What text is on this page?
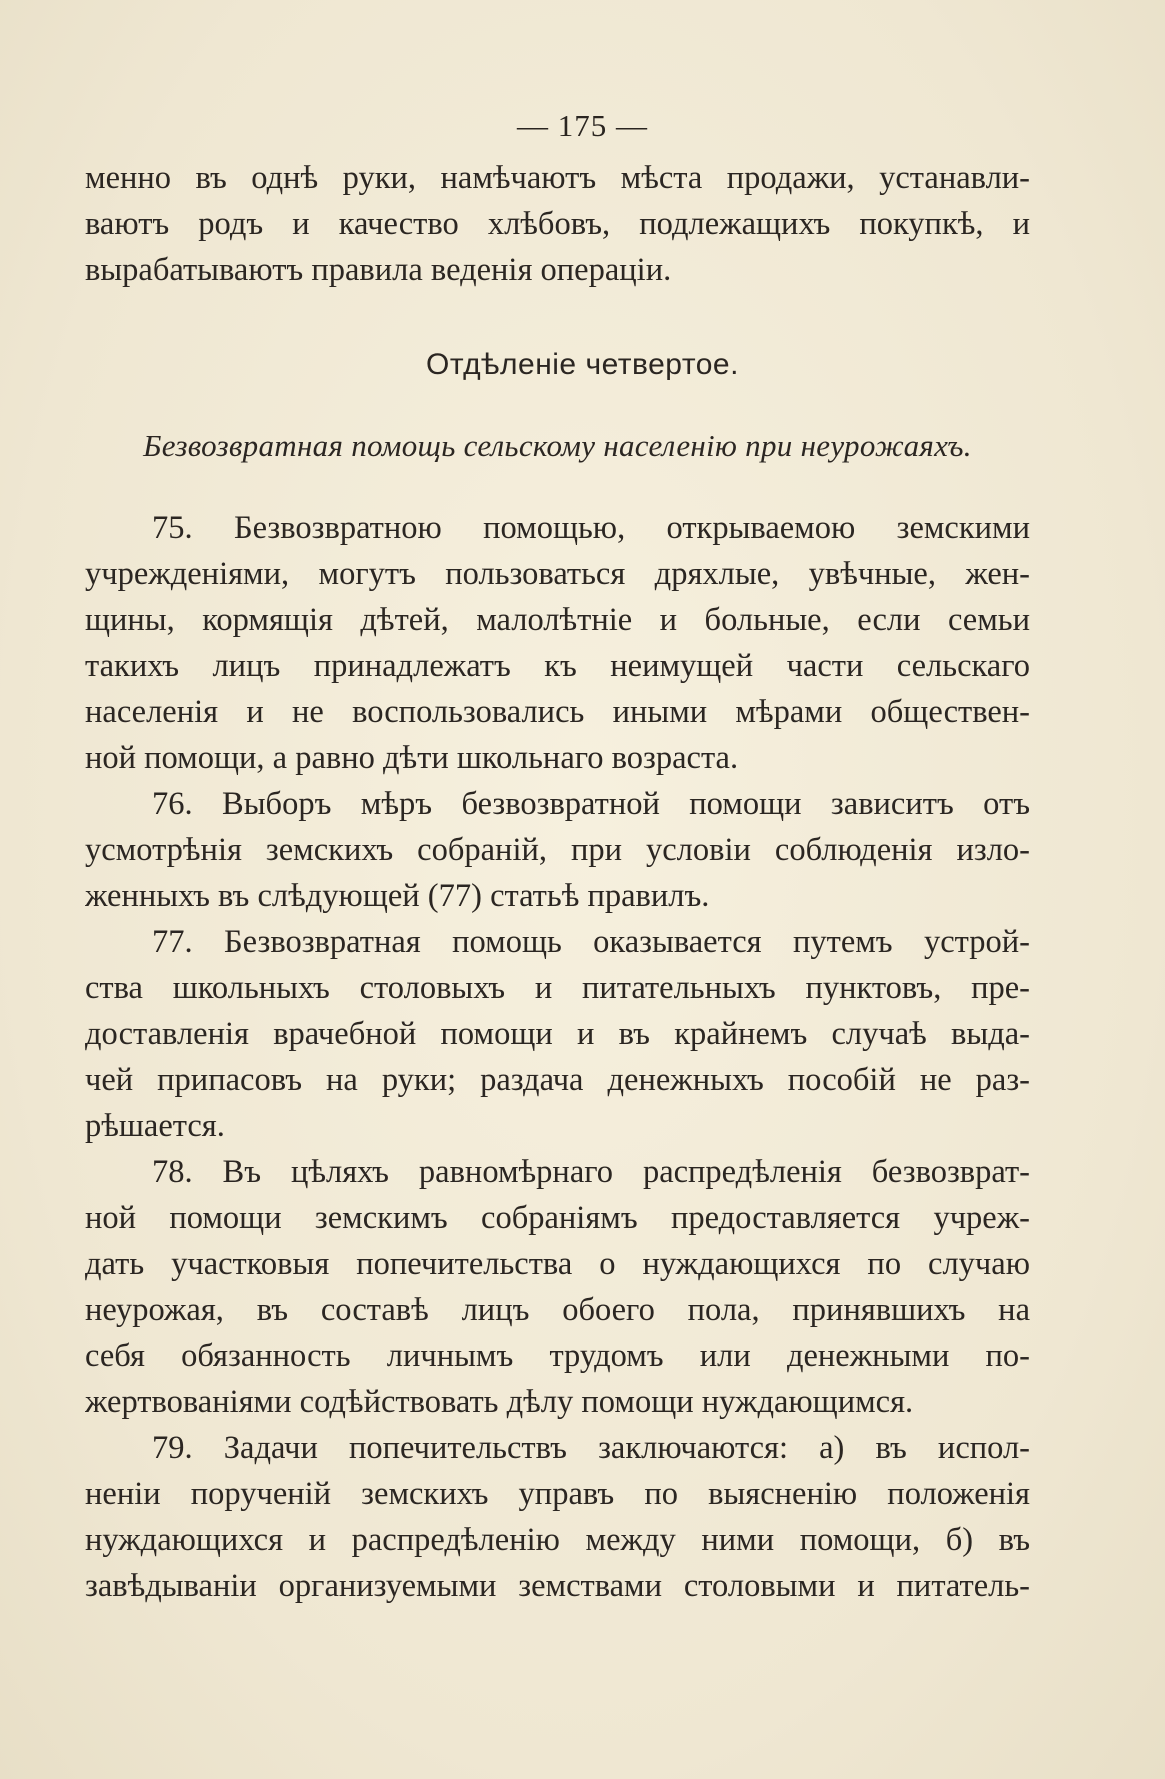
— 175 —
менно въ однѣ руки, намѣчаютъ мѣста продажи, устанавли-
ваютъ родъ и качество хлѣбовъ, подлежащихъ покупкѣ, и
вырабатываютъ правила веденія операціи.
Отдѣленіе четвертое.
Безвозвратная помощь сельскому населенію при неурожаяхъ.
75. Безвозвратною помощью, открываемою земскими
учрежденіями, могутъ пользоваться дряхлые, увѣчные, жен-
щины, кормящія дѣтей, малолѣтніе и больные, если семьи
такихъ лицъ принадлежатъ къ неимущей части сельскаго
населенія и не воспользовались иными мѣрами обществен-
ной помощи, а равно дѣти школьнаго возраста.
76. Выборъ мѣръ безвозвратной помощи зависитъ отъ
усмотрѣнія земскихъ собраній, при условіи соблюденія изло-
женныхъ въ слѣдующей (77) статьѣ правилъ.
77. Безвозвратная помощь оказывается путемъ устрой-
ства школьныхъ столовыхъ и питательныхъ пунктовъ, пре-
доставленія врачебной помощи и въ крайнемъ случаѣ выда-
чей припасовъ на руки; раздача денежныхъ пособій не раз-
рѣшается.
78. Въ цѣляхъ равномѣрнаго распредѣленія безвозврат-
ной помощи земскимъ собраніямъ предоставляется учреж-
дать участковыя попечительства о нуждающихся по случаю
неурожая, въ составѣ лицъ обоего пола, принявшихъ на
себя обязанность личнымъ трудомъ или денежными по-
жертвованіями содѣйствовать дѣлу помощи нуждающимся.
79. Задачи попечительствъ заключаются: а) въ испол-
неніи порученій земскихъ управъ по выясненію положенія
нуждающихся и распредѣленію между ними помощи, б) въ
завѣдываніи организуемыми земствами столовыми и питатель-
